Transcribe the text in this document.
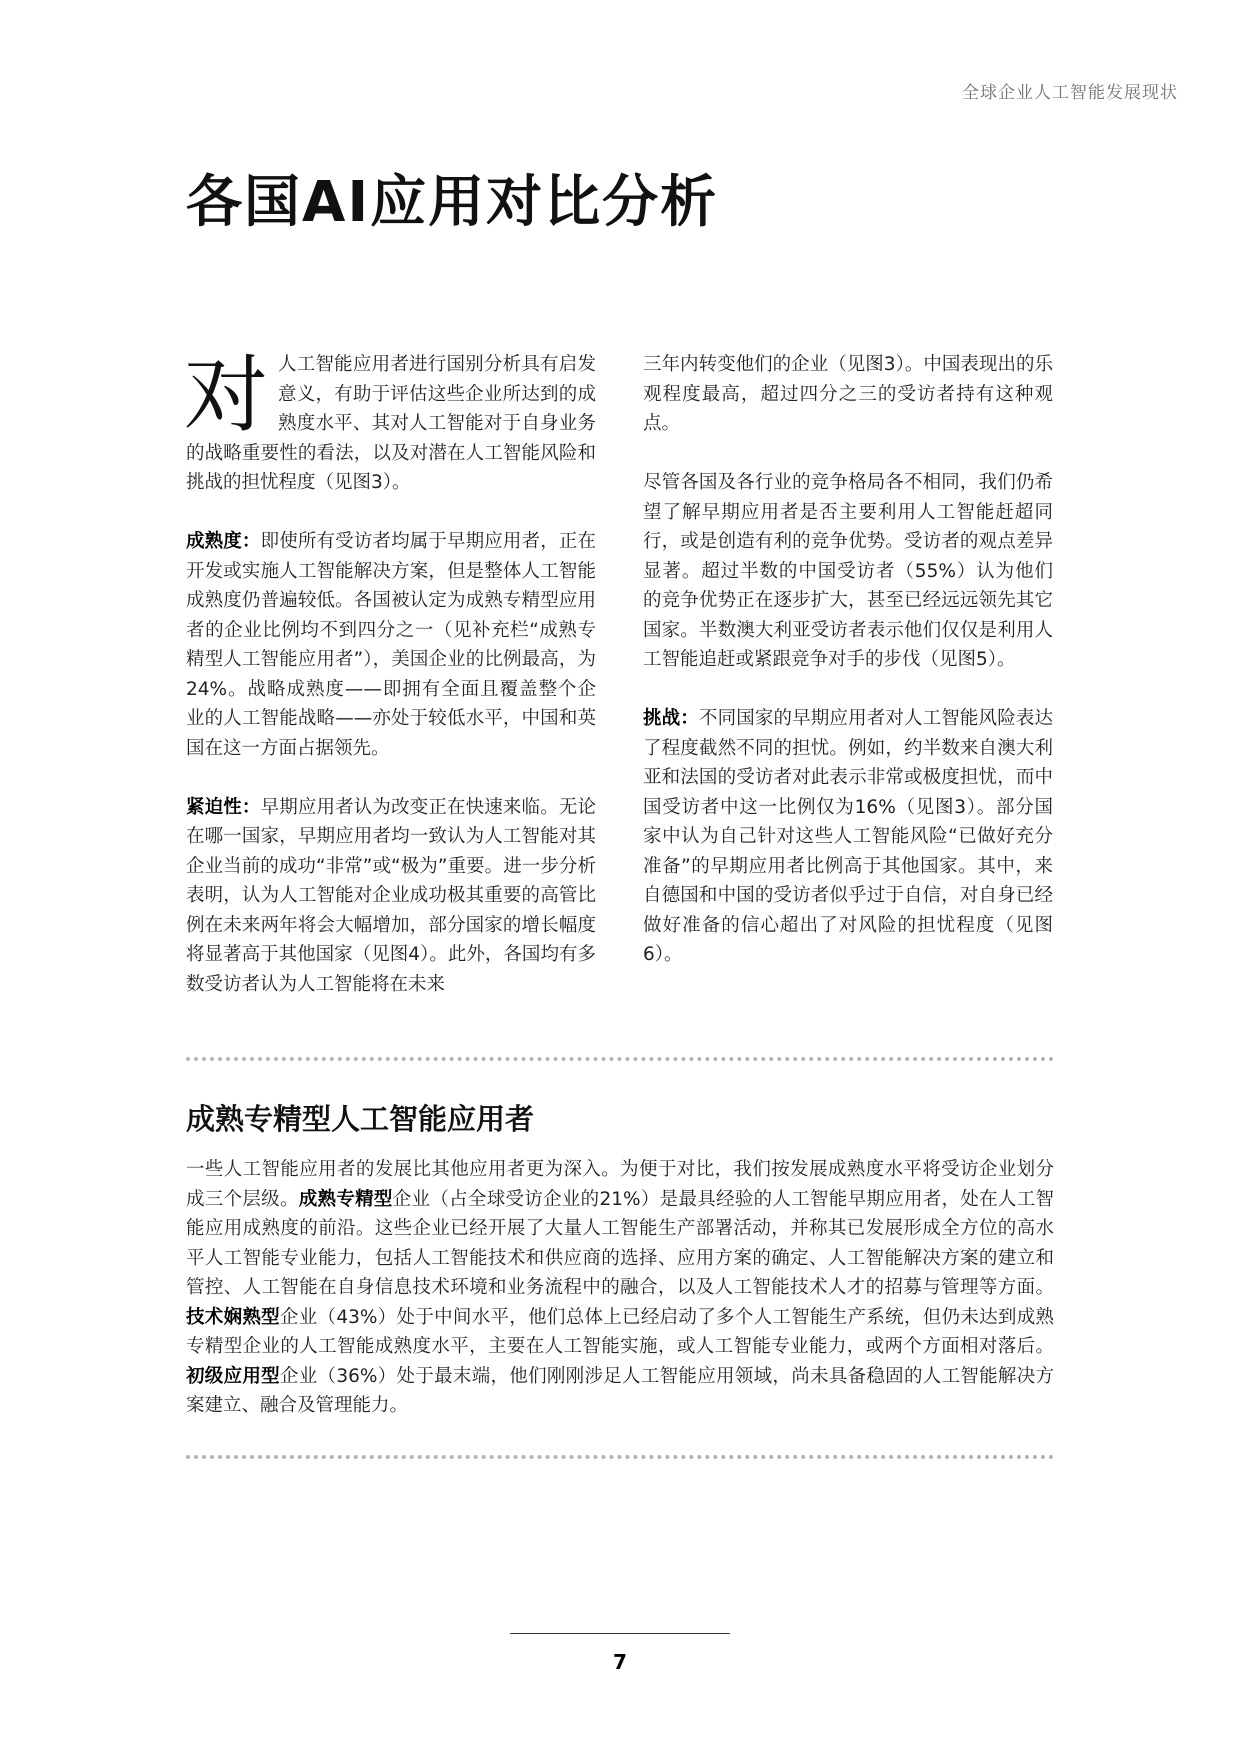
全球企业人工智能发展现状
各国AI应用对比分析

对人工智能应用者进行国别分析具有启发意义，有助于评估这些企业所达到的成熟度水平、其对人工智能对于自身业务的战略重要性的看法，以及对潜在人工智能风险和挑战的担忧程度（见图3）。

成熟度：即使所有受访者均属于早期应用者，正在开发或实施人工智能解决方案，但是整体人工智能成熟度仍普遍较低。各国被认定为成熟专精型应用者的企业比例均不到四分之一（见补充栏“成熟专精型人工智能应用者”），美国企业的比例最高，为24%。战略成熟度——即拥有全面且覆盖整个企业的人工智能战略——亦处于较低水平，中国和英国在这一方面占据领先。

紧迫性：早期应用者认为改变正在快速来临。无论在哪一国家，早期应用者均一致认为人工智能对其企业当前的成功“非常”或“极为”重要。进一步分析表明，认为人工智能对企业成功极其重要的高管比例在未来两年将会大幅增加，部分国家的增长幅度将显著高于其他国家（见图4）。此外，各国均有多数受访者认为人工智能将在未来

三年内转变他们的企业（见图3）。中国表现出的乐观程度最高，超过四分之三的受访者持有这种观点。

尽管各国及各行业的竞争格局各不相同，我们仍希望了解早期应用者是否主要利用人工智能赶超同行，或是创造有利的竞争优势。受访者的观点差异显著。超过半数的中国受访者（55%）认为他们的竞争优势正在逐步扩大，甚至已经远远领先其它国家。半数澳大利亚受访者表示他们仅仅是利用人工智能追赶或紧跟竞争对手的步伐（见图5）。

挑战：不同国家的早期应用者对人工智能风险表达了程度截然不同的担忧。例如，约半数来自澳大利亚和法国的受访者对此表示非常或极度担忧，而中国受访者中这一比例仅为16%（见图3）。部分国家中认为自己针对这些人工智能风险“已做好充分准备”的早期应用者比例高于其他国家。其中，来自德国和中国的受访者似乎过于自信，对自身已经做好准备的信心超出了对风险的担忧程度（见图6）。

成熟专精型人工智能应用者

一些人工智能应用者的发展比其他应用者更为深入。为便于对比，我们按发展成熟度水平将受访企业划分成三个层级。成熟专精型企业（占全球受访企业的21%）是最具经验的人工智能早期应用者，处在人工智能应用成熟度的前沿。这些企业已经开展了大量人工智能生产部署活动，并称其已发展形成全方位的高水平人工智能专业能力，包括人工智能技术和供应商的选择、应用方案的确定、人工智能解决方案的建立和管控、人工智能在自身信息技术环境和业务流程中的融合，以及人工智能技术人才的招募与管理等方面。技术娴熟型企业（43%）处于中间水平，他们总体上已经启动了多个人工智能生产系统，但仍未达到成熟专精型企业的人工智能成熟度水平，主要在人工智能实施，或人工智能专业能力，或两个方面相对落后。初级应用型企业（36%）处于最末端，他们刚刚涉足人工智能应用领域，尚未具备稳固的人工智能解决方案建立、融合及管理能力。

7
